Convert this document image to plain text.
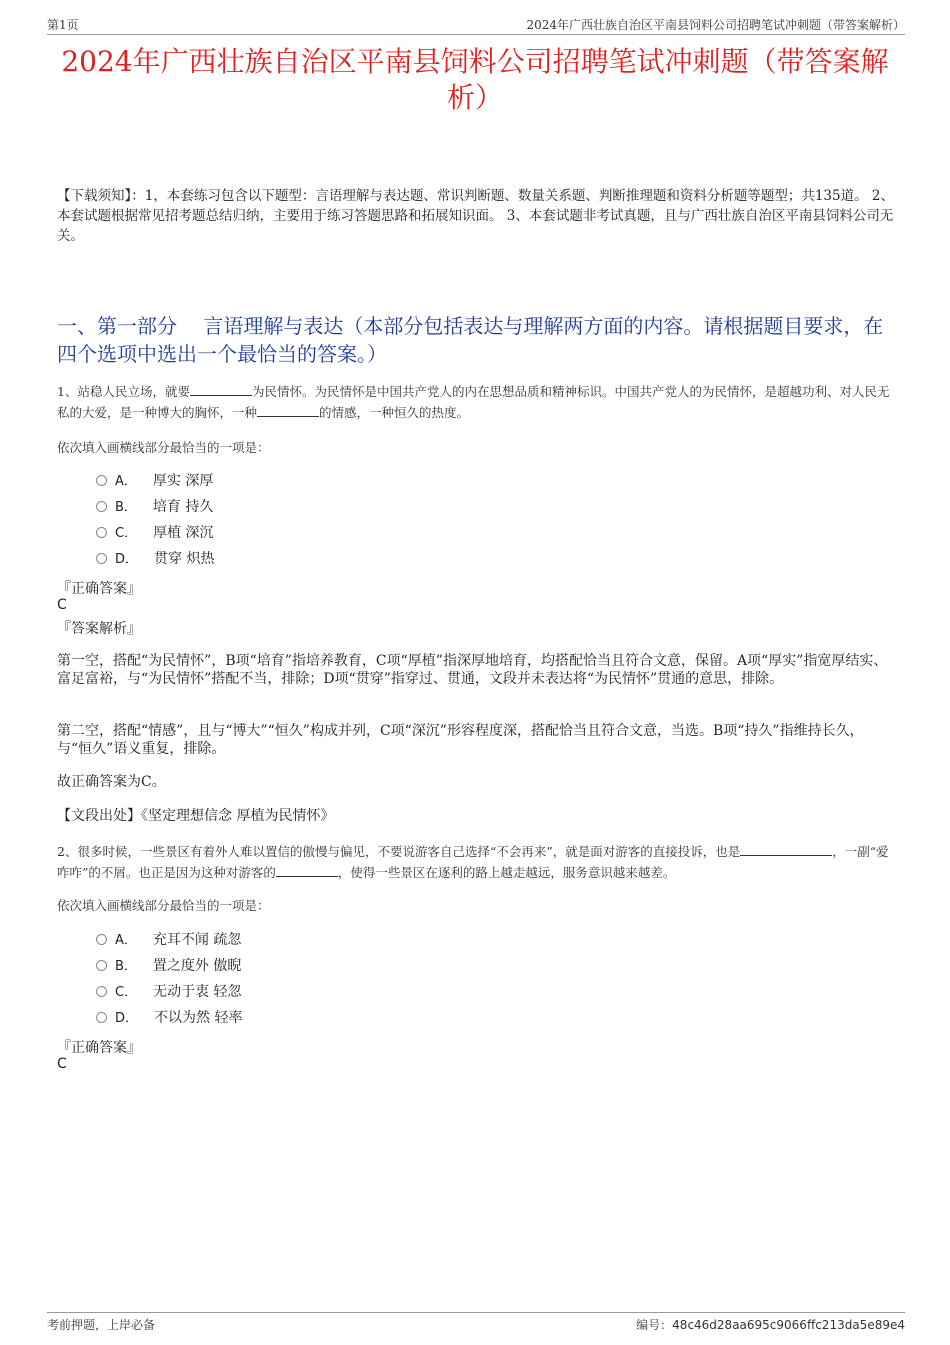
第1页	2024年广西壮族自治区平南县饲料公司招聘笔试冲刺题（带答案解析）
2024年广西壮族自治区平南县饲料公司招聘笔试冲刺题（带答案解析）
【下载须知】：1，本套练习包含以下题型：言语理解与表达题、常识判断题、数量关系题、判断推理题和资料分析题等题型；共135道。 2、本套试题根据常见招考题总结归纳，主要用于练习答题思路和拓展知识面。 3、本套试题非考试真题，且与广西壮族自治区平南县饲料公司无关。
一、第一部分　 言语理解与表达（本部分包括表达与理解两方面的内容。请根据题目要求，在四个选项中选出一个最恰当的答案。）
1、站稳人民立场，就要	为民情怀。为民情怀是中国共产党人的内在思想品质和精神标识。中国共产党人的为民情怀，是超越功利、对人民无私的大爱，是一种博大的胸怀，一种	的情感，一种恒久的热度。
依次填入画横线部分最恰当的一项是：
A． 厚实 深厚
B． 培育 持久
C． 厚植 深沉
D． 贯穿 炽热
『正确答案』
C
『答案解析』
第一空，搭配“为民情怀”，B项“培育”指培养教育，C项“厚植”指深厚地培育，均搭配恰当且符合文意，保留。A项“厚实”指宽厚结实、富足富裕，与“为民情怀”搭配不当，排除；D项“贯穿”指穿过、贯通，文段并未表达将“为民情怀”贯通的意思，排除。
第二空，搭配“情感”，且与“博大”“恒久”构成并列，C项“深沉”形容程度深，搭配恰当且符合文意，当选。B项“持久”指维持长久，与“恒久”语义重复，排除。
故正确答案为C。
【文段出处】《坚定理想信念 厚植为民情怀》
2、很多时候，一些景区有着外人难以置信的傲慢与偏见，不要说游客自己选择“不会再来”，就是面对游客的直接投诉，也是	，一副“爱咋咋”的不屑。也正是因为这种对游客的	，使得一些景区在逐利的路上越走越远，服务意识越来越差。
依次填入画横线部分最恰当的一项是：
A． 充耳不闻 疏忽
B． 置之度外 傲睨
C． 无动于衷 轻忽
D． 不以为然 轻率
『正确答案』
C
考前押题，上岸必备	编号：48c46d28aa695c9066ffc213da5e89e4
